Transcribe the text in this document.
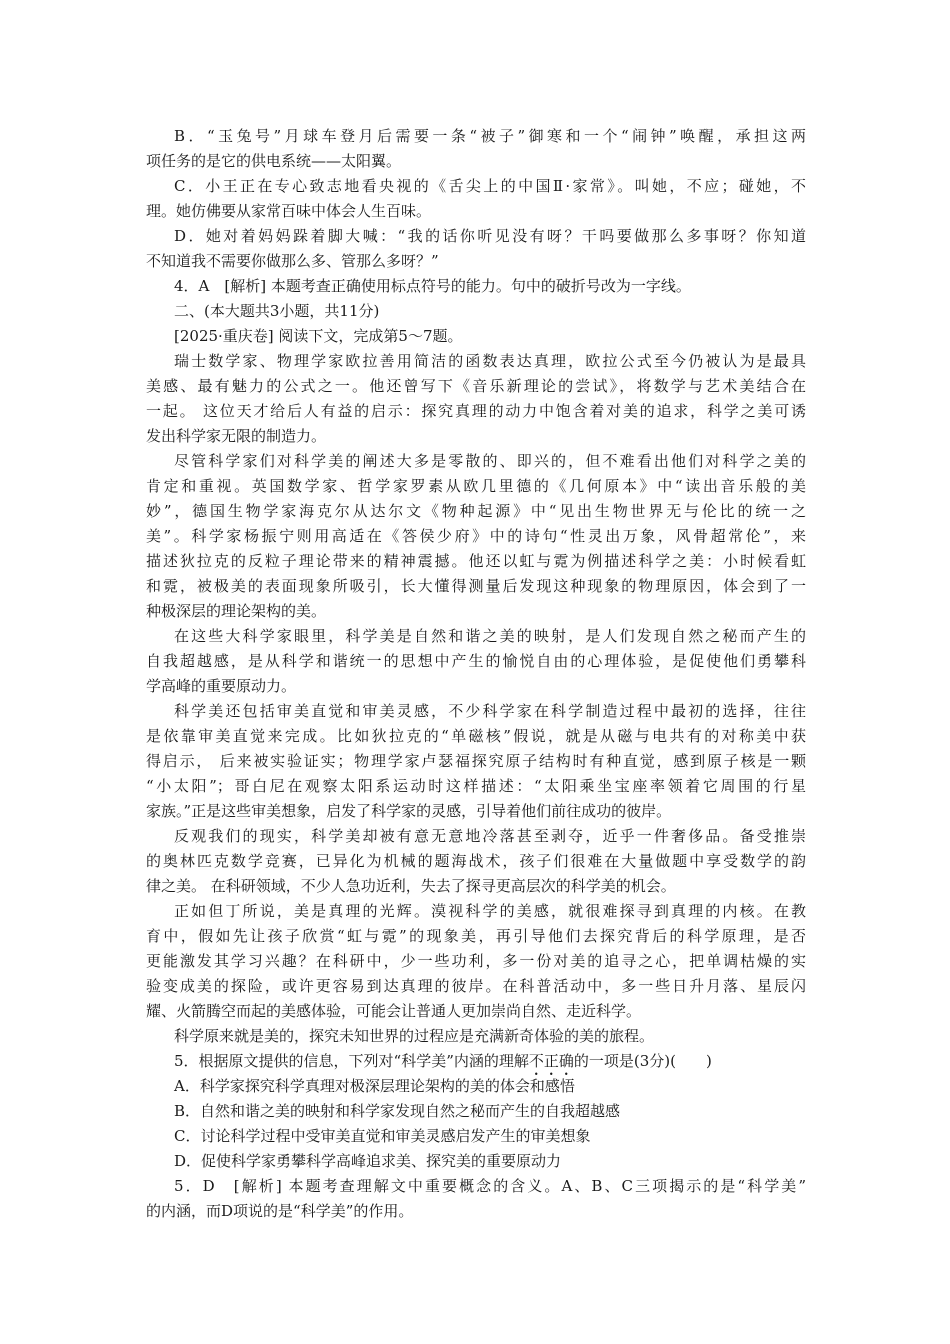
B．“玉兔号”月球车登月后需要一条“被子”御寒和一个“闹钟”唤醒，承担这两
项任务的是它的供电系统——太阳翼。
C．小王正在专心致志地看央视的《舌尖上的中国Ⅱ·家常》。叫她，不应；碰她，不
理。她仿佛要从家常百味中体会人生百味。
D．她对着妈妈跺着脚大喊：“我的话你听见没有呀？干吗要做那么多事呀？你知道
不知道我不需要你做那么多、管那么多呀？”
4．A　[解析] 本题考查正确使用标点符号的能力。句中的破折号改为一字线。
二、(本大题共3小题，共11分)
[2025·重庆卷] 阅读下文，完成第5～7题。
瑞士数学家、物理学家欧拉善用简洁的函数表达真理，欧拉公式至今仍被认为是最具
美感、最有魅力的公式之一。他还曾写下《音乐新理论的尝试》，将数学与艺术美结合在
一起。 这位天才给后人有益的启示：探究真理的动力中饱含着对美的追求，科学之美可诱
发出科学家无限的制造力。
尽管科学家们对科学美的阐述大多是零散的、即兴的，但不难看出他们对科学之美的
肯定和重视。英国数学家、哲学家罗素从欧几里德的《几何原本》中“读出音乐般的美
妙”，德国生物学家海克尔从达尔文《物种起源》中“见出生物世界无与伦比的统一之
美”。科学家杨振宁则用高适在《答侯少府》中的诗句“性灵出万象，风骨超常伦”，来
描述狄拉克的反粒子理论带来的精神震撼。他还以虹与霓为例描述科学之美：小时候看虹
和霓，被极美的表面现象所吸引，长大懂得测量后发现这种现象的物理原因，体会到了一
种极深层的理论架构的美。
在这些大科学家眼里，科学美是自然和谐之美的映射，是人们发现自然之秘而产生的
自我超越感，是从科学和谐统一的思想中产生的愉悦自由的心理体验，是促使他们勇攀科
学高峰的重要原动力。
科学美还包括审美直觉和审美灵感，不少科学家在科学制造过程中最初的选择，往往
是依靠审美直觉来完成。比如狄拉克的“单磁核”假说，就是从磁与电共有的对称美中获
得启示， 后来被实验证实；物理学家卢瑟福探究原子结构时有种直觉，感到原子核是一颗
“小太阳”；哥白尼在观察太阳系运动时这样描述：“太阳乘坐宝座率领着它周围的行星
家族。”正是这些审美想象，启发了科学家的灵感，引导着他们前往成功的彼岸。
反观我们的现实，科学美却被有意无意地冷落甚至剥夺，近乎一件奢侈品。备受推崇
的奥林匹克数学竞赛，已异化为机械的题海战术，孩子们很难在大量做题中享受数学的韵
律之美。 在科研领域，不少人急功近利，失去了探寻更高层次的科学美的机会。
正如但丁所说，美是真理的光辉。漠视科学的美感，就很难探寻到真理的内核。在教
育中，假如先让孩子欣赏“虹与霓”的现象美，再引导他们去探究背后的科学原理，是否
更能激发其学习兴趣？在科研中，少一些功利，多一份对美的追寻之心，把单调枯燥的实
验变成美的探险，或许更容易到达真理的彼岸。在科普活动中，多一些日升月落、星辰闪
耀、火箭腾空而起的美感体验，可能会让普通人更加崇尚自然、走近科学。
科学原来就是美的，探究未知世界的过程应是充满新奇体验的美的旅程。
5．根据原文提供的信息，下列对“科学美”内涵的理解不正确的一项是(3分)(　　)
A．科学家探究科学真理对极深层理论架构的美的体会和感悟
B．自然和谐之美的映射和科学家发现自然之秘而产生的自我超越感
C．讨论科学过程中受审美直觉和审美灵感启发产生的审美想象
D．促使科学家勇攀科学高峰追求美、探究美的重要原动力
5．D　[解析] 本题考查理解文中重要概念的含义。A、B、C三项揭示的是“科学美”
的内涵，而D项说的是“科学美”的作用。
